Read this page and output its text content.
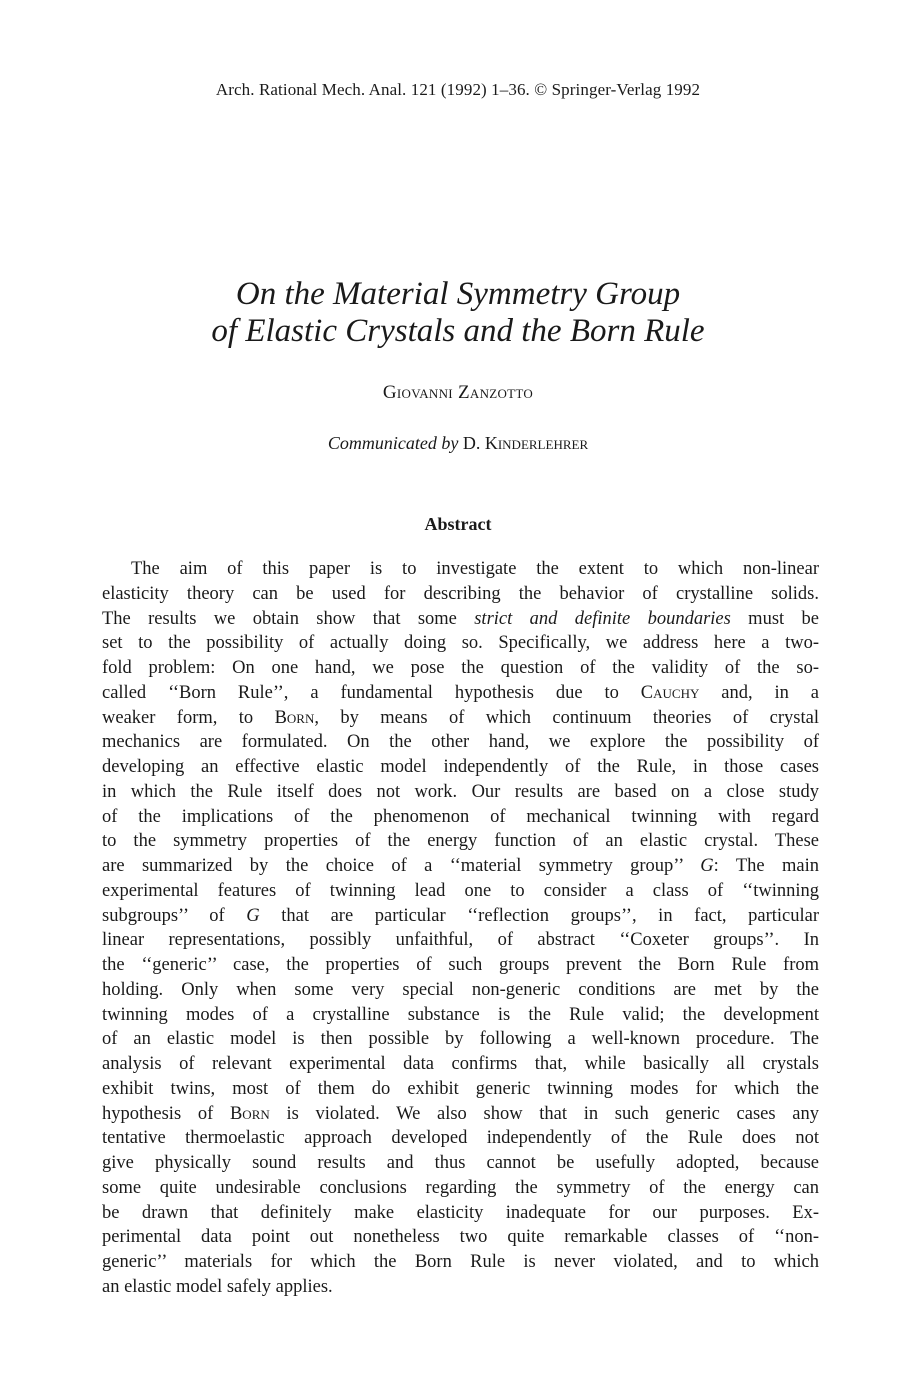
Arch. Rational Mech. Anal. 121 (1992) 1–36. © Springer-Verlag 1992
On the Material Symmetry Group
of Elastic Crystals and the Born Rule
Giovanni Zanzotto
Communicated by D. Kinderlehrer
Abstract
The aim of this paper is to investigate the extent to which non-linear
elasticity theory can be used for describing the behavior of crystalline solids.
The results we obtain show that some strict and definite boundaries must be
set to the possibility of actually doing so. Specifically, we address here a two-
fold problem: On one hand, we pose the question of the validity of the so-
called ‘‘Born Rule’’, a fundamental hypothesis due to Cauchy and, in a
weaker form, to Born, by means of which continuum theories of crystal
mechanics are formulated. On the other hand, we explore the possibility of
developing an effective elastic model independently of the Rule, in those cases
in which the Rule itself does not work. Our results are based on a close study
of the implications of the phenomenon of mechanical twinning with regard
to the symmetry properties of the energy function of an elastic crystal. These
are summarized by the choice of a ‘‘material symmetry group’’ G: The main
experimental features of twinning lead one to consider a class of ‘‘twinning
subgroups’’ of G that are particular ‘‘reflection groups’’, in fact, particular
linear representations, possibly unfaithful, of abstract ‘‘Coxeter groups’’. In
the ‘‘generic’’ case, the properties of such groups prevent the Born Rule from
holding. Only when some very special non-generic conditions are met by the
twinning modes of a crystalline substance is the Rule valid; the development
of an elastic model is then possible by following a well-known procedure. The
analysis of relevant experimental data confirms that, while basically all crystals
exhibit twins, most of them do exhibit generic twinning modes for which the
hypothesis of Born is violated. We also show that in such generic cases any
tentative thermoelastic approach developed independently of the Rule does not
give physically sound results and thus cannot be usefully adopted, because
some quite undesirable conclusions regarding the symmetry of the energy can
be drawn that definitely make elasticity inadequate for our purposes. Ex-
perimental data point out nonetheless two quite remarkable classes of ‘‘non-
generic’’ materials for which the Born Rule is never violated, and to which
an elastic model safely applies.
